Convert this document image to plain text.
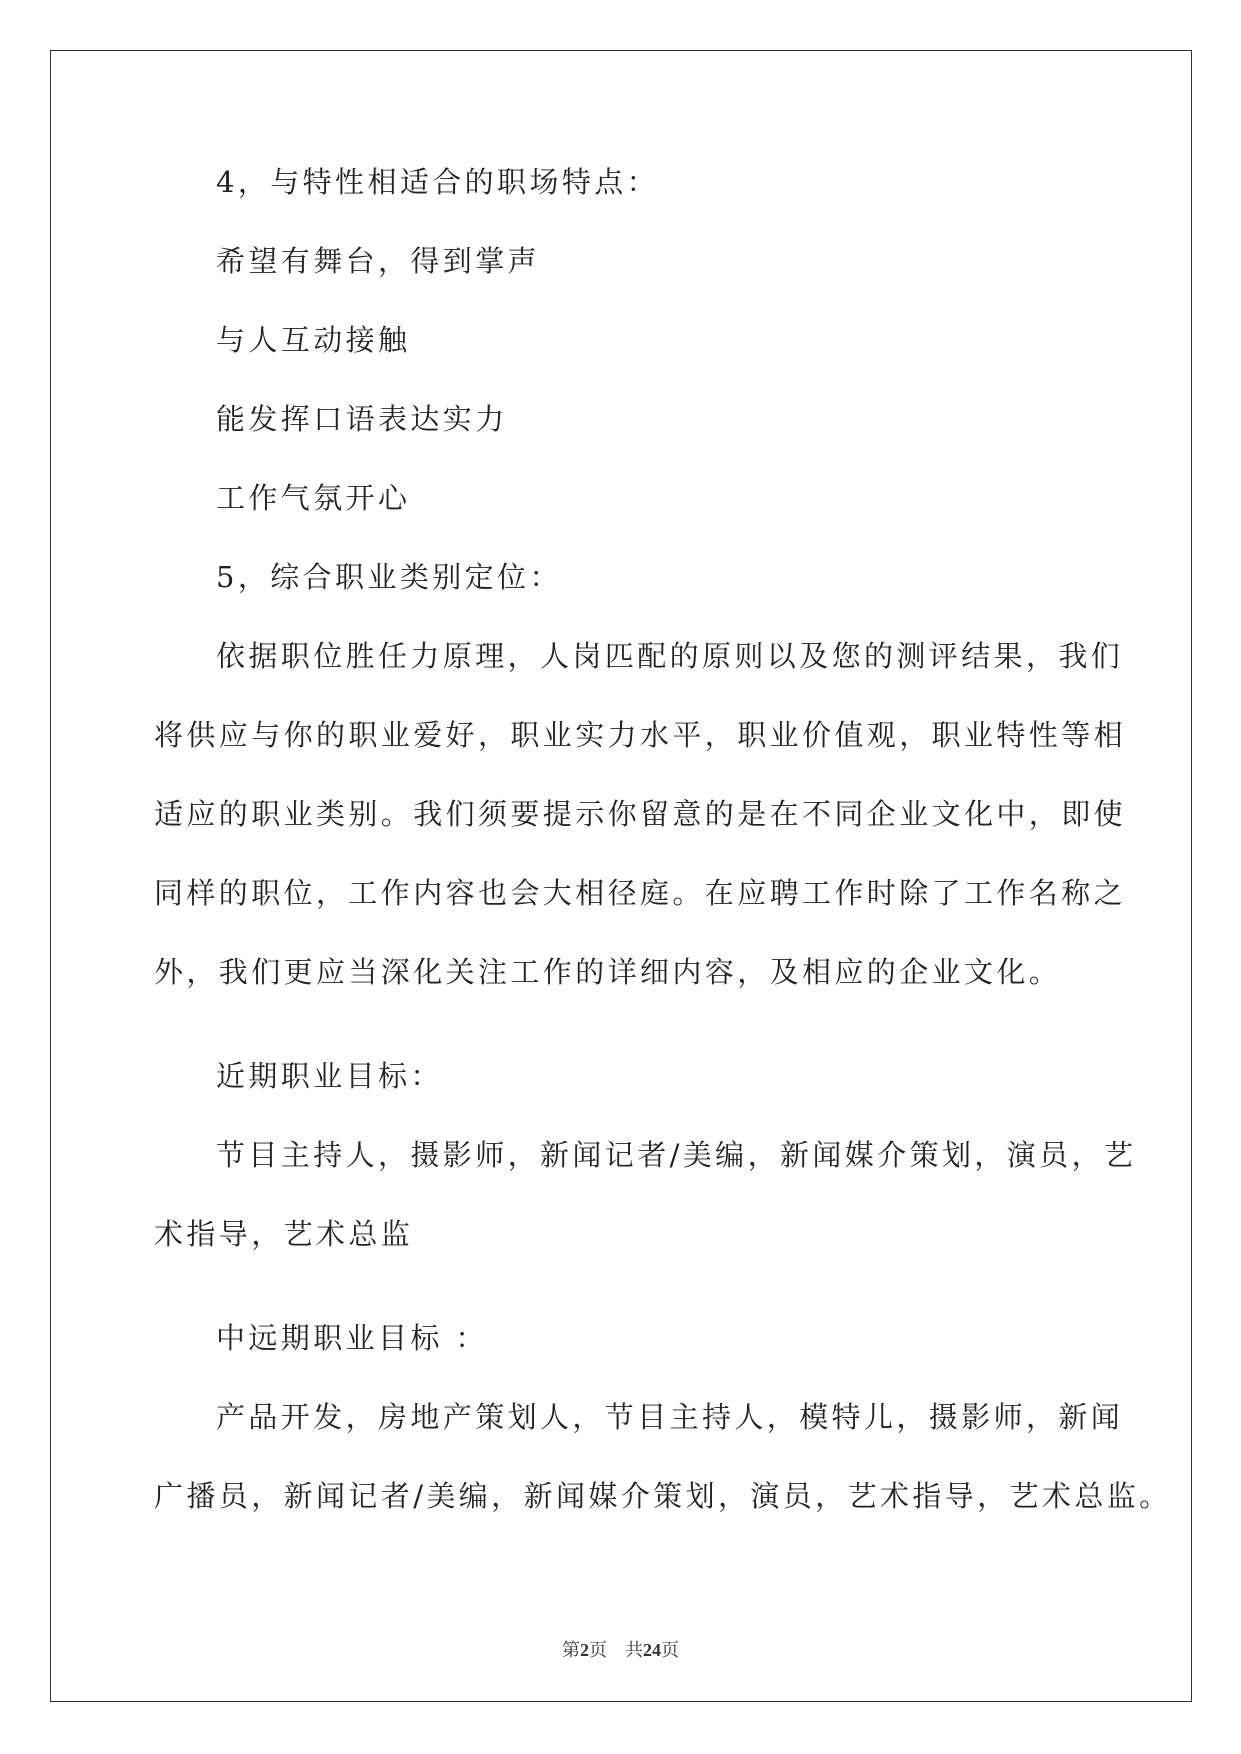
4，与特性相适合的职场特点：

希望有舞台，得到掌声

与人互动接触

能发挥口语表达实力

工作气氛开心

5，综合职业类别定位：

依据职位胜任力原理，人岗匹配的原则以及您的测评结果，我们
将供应与你的职业爱好，职业实力水平，职业价值观，职业特性等相
适应的职业类别。我们须要提示你留意的是在不同企业文化中，即使
同样的职位，工作内容也会大相径庭。在应聘工作时除了工作名称之
外，我们更应当深化关注工作的详细内容，及相应的企业文化。

近期职业目标：

节目主持人，摄影师，新闻记者/美编，新闻媒介策划，演员，艺
术指导，艺术总监

中远期职业目标 ：

产品开发，房地产策划人，节目主持人，模特儿，摄影师，新闻
广播员，新闻记者/美编，新闻媒介策划，演员，艺术指导，艺术总监。

第2页　共24页
